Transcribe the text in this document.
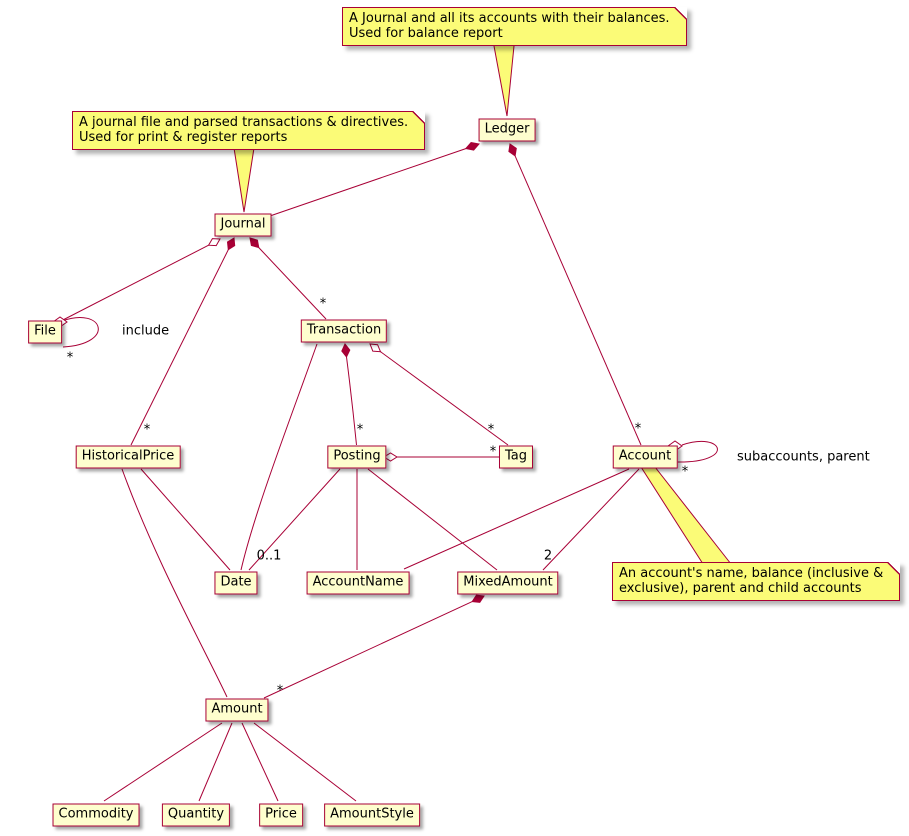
A Journal and all its accounts with their balances.
Used for balance report
A journal file and parsed transactions & directives.
Used for print & register reports
An account's name, balance (inclusive &
exclusive), parent and child accounts
Ledger
Journal
File	Transaction
HistoricalPrice	Posting	Tag	Account
Date	AccountName	MixedAmount
Amount
Commodity	Quantity	Price	AmountStyle
include
subaccounts, parent
*
*
*	*	*
*
*
*
*
0..1	2
